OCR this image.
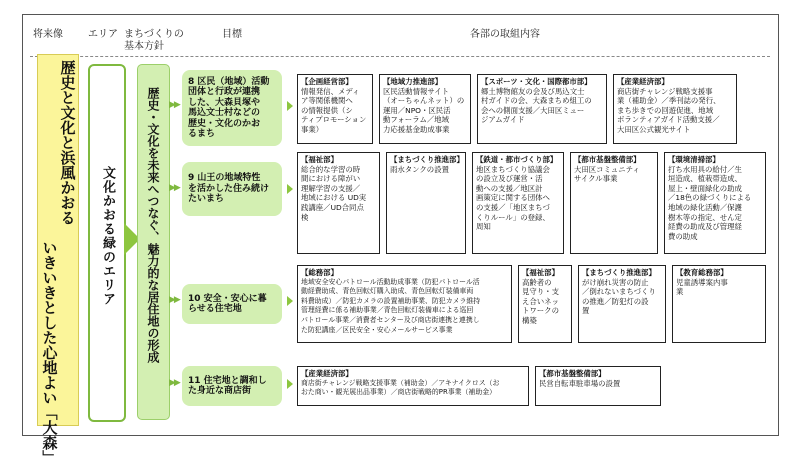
将来像	エリア まちづくりの
基本方針
目標	各部の取組内容
歴史と文化と浜風かおる
いきいきとした心地よい「大森」
文化かおる緑のエリア	歴史・文化を未来へつなぐ、魅力的な居住地の形成 ▶▶
8 区民（地域）活動
団体と行政が連携
した、大森貝塚や
馬込文士村などの
歴史・文化のかお
るまち
【企画経営部】
情報発信、メディ
ア等関係機関へ
の情報提供（シ
ティプロモーション
事業）
【地域力推進部】
区民活動情報サイト
（オーちゃんネット）の
運用／NPO・区民活
動フォーラム／地域
力応援基金助成事業
【スポーツ・文化・国際都市部】
郷土博物館友の会及び馬込文士
村ガイドの会、大森まちめ組工の
会への側面支援／大田区ミュー
ジアムガイド
【産業経済部】
商店街チャレンジ戦略支援事
業（補助金）／季刊誌の発行、
まち歩きでの回遊促進、地域
ボランティアガイド活動支援／
大田区公式観光サイト
▶▶
9 山王の地域特性
を活かした住み続け
たいまち
【福祉部】
総合的な学習の時
間における障がい
理解学習の支援／
地域における UD実
践講座／UD合同点
検
【まちづくり推進部】
雨水タンクの設置
【鉄道・都市づくり部】
地区まちづくり協議会
の設立及び運営・活
動への支援／地区計
画策定に関する団体へ
の支援／「地区まちづ
くりルール」の登録、
周知
【都市基盤整備部】
大田区コミュニティ
サイクル事業
【環境清掃部】
打ち水用具の給付／生
垣造成、植栽帯造成、
屋上・壁面緑化の助成
／18色の緑づくりによる
地域の緑化活動／保護
樹木等の指定、せん定
経費の助成及び管理経
費の助成
▶▶ 10 安全・安心に暮
らせる住宅地
【総務部】
地域安全安心パトロール活動助成事業（防犯パトロール活
動経費助成、青色回転灯購入助成、青色回転灯装備車両
料費助成）／防犯カメラの設置補助事業、防犯カメラ維持
管理経費に係る補助事業／青色回転灯装備車による巡回
パトロール事業／消費者センター及び商店街連携と連携し
た防犯講座／区民安全・安心メールサービス事業
【福祉部】
高齢者の
見守り・支
え合いネッ
トワークの
構築
【まちづくり推進部】
がけ崩れ災害の防止
／倒れないまちづくり
の推進／防犯灯の設
置
【教育総務部】
児童誘導案内事
業
▶▶ 11 住宅地と調和し
た身近な商店街
【産業経済部】
商店街チャレンジ戦略支援事業（補助金）／アキナイクロス（お
おた商い・観光展出品事業）／商店街戦略的PR事業（補助金）
【都市基盤整備部】
民営自転車駐車場の設置
